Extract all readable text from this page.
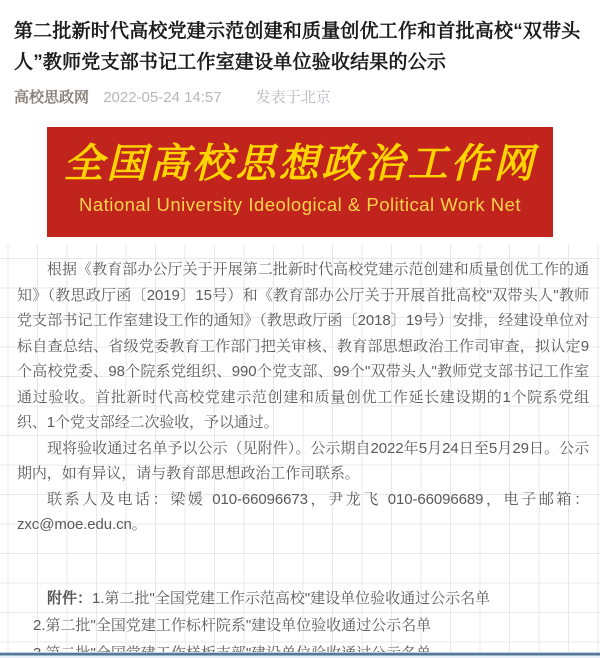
第二批新时代高校党建示范创建和质量创优工作和首批高校“双带头人”教师党支部书记工作室建设单位验收结果的公示
高校思政网 2022-05-24 14:57 发表于北京
全国高校思想政治工作网
National University Ideological & Political Work Net

根据《教育部办公厅关于开展第二批新时代高校党建示范创建和质量创优工作的通知》（教思政厅函〔2019〕15号）和《教育部办公厅关于开展首批高校"双带头人"教师党支部书记工作室建设工作的通知》（教思政厅函〔2018〕19号）安排，经建设单位对标自查总结、省级党委教育工作部门把关审核、教育部思想政治工作司审查，拟认定9个高校党委、98个院系党组织、990个党支部、99个"双带头人"教师党支部书记工作室通过验收。首批新时代高校党建示范创建和质量创优工作延长建设期的1个院系党组织、1个党支部经二次验收，予以通过。

现将验收通过名单予以公示（见附件）。公示期自2022年5月24日至5月29日。公示期内，如有异议，请与教育部思想政治工作司联系。

联系人及电话：梁媛 010-66096673，尹龙飞 010-66096689，电子邮箱：zxc@moe.edu.cn。

附件：1.第二批"全国党建工作示范高校"建设单位验收通过公示名单

2.第二批"全国党建工作标杆院系"建设单位验收通过公示名单
